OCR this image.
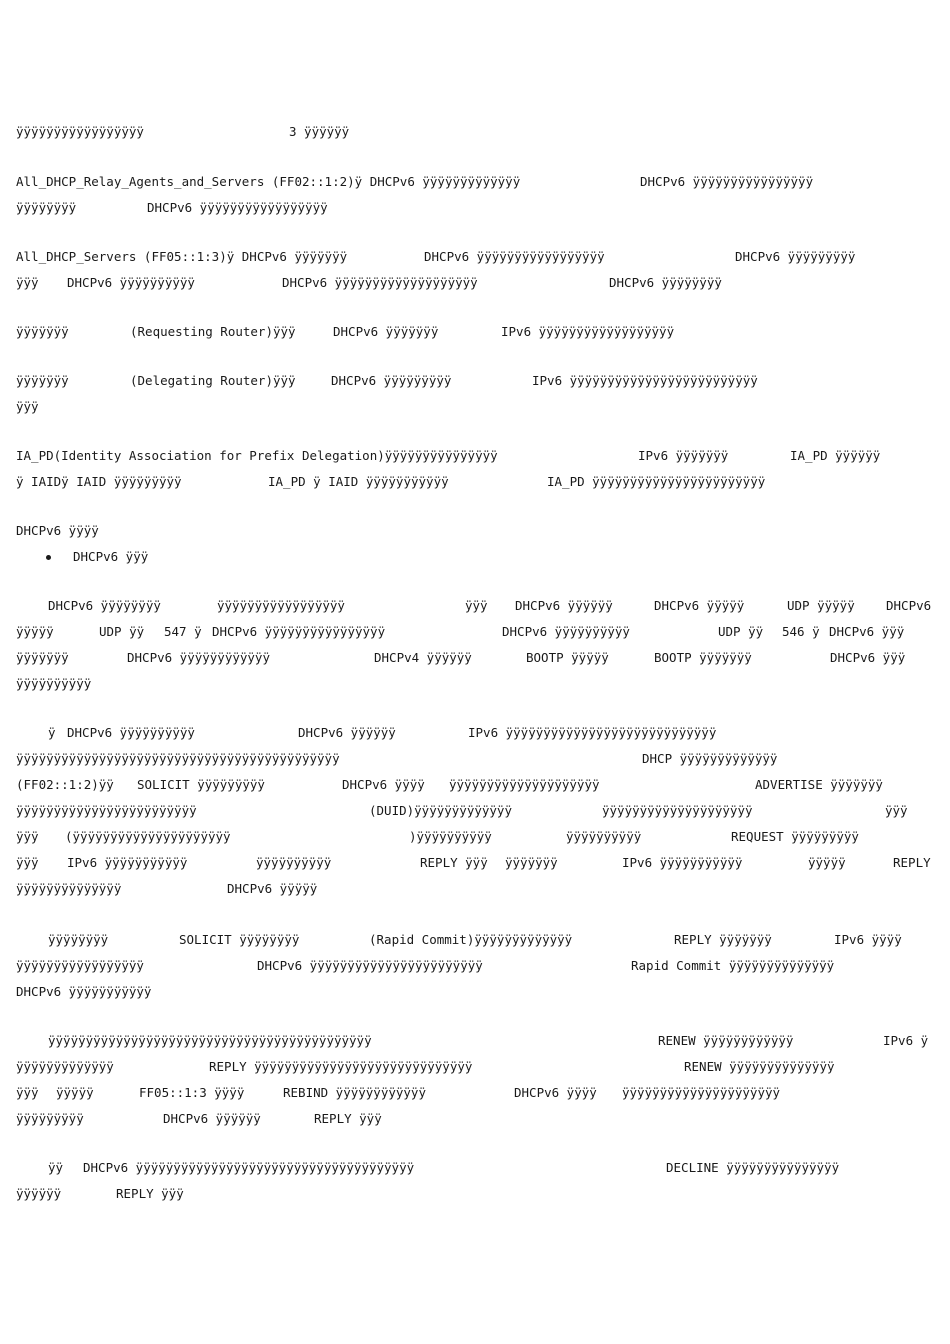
ÿÿÿÿÿÿÿÿÿÿÿÿÿÿÿÿÿ

	3 ÿÿÿÿÿÿ

All_DHCP_Relay_Agents_and_Servers (FF02::1:2)ÿ DHCPv6 ÿÿÿÿÿÿÿÿÿÿÿÿÿ

	DHCPv6 ÿÿÿÿÿÿÿÿÿÿÿÿÿÿÿÿ

ÿÿÿÿÿÿÿÿ

	DHCPv6 ÿÿÿÿÿÿÿÿÿÿÿÿÿÿÿÿÿ

All_DHCP_Servers (FF05::1:3)ÿ DHCPv6 ÿÿÿÿÿÿÿ

	DHCPv6 ÿÿÿÿÿÿÿÿÿÿÿÿÿÿÿÿÿ

	DHCPv6 ÿÿÿÿÿÿÿÿÿ

ÿÿÿ

DHCPv6 ÿÿÿÿÿÿÿÿÿÿ

	DHCPv6 ÿÿÿÿÿÿÿÿÿÿÿÿÿÿÿÿÿÿÿ

	DHCPv6 ÿÿÿÿÿÿÿÿ

ÿÿÿÿÿÿÿ

	(Requesting Router)ÿÿÿ

	DHCPv6 ÿÿÿÿÿÿÿ

	IPv6 ÿÿÿÿÿÿÿÿÿÿÿÿÿÿÿÿÿÿ

ÿÿÿÿÿÿÿ

	(Delegating Router)ÿÿÿ

	DHCPv6 ÿÿÿÿÿÿÿÿÿ

	IPv6 ÿÿÿÿÿÿÿÿÿÿÿÿÿÿÿÿÿÿÿÿÿÿÿÿÿ

ÿÿÿ

IA_PD(Identity Association for Prefix Delegation)ÿÿÿÿÿÿÿÿÿÿÿÿÿÿÿ

	IPv6 ÿÿÿÿÿÿÿ

	IA_PD ÿÿÿÿÿÿ

ÿ IAIDÿ IAID ÿÿÿÿÿÿÿÿÿ

	IA_PD ÿ IAID ÿÿÿÿÿÿÿÿÿÿÿ

	IA_PD ÿÿÿÿÿÿÿÿÿÿÿÿÿÿÿÿÿÿÿÿÿÿÿ

DHCPv6 ÿÿÿÿ

DHCPv6 ÿÿÿ

DHCPv6 ÿÿÿÿÿÿÿÿ

	ÿÿÿÿÿÿÿÿÿÿÿÿÿÿÿÿÿ

	ÿÿÿ

DHCPv6 ÿÿÿÿÿÿ

	DHCPv6 ÿÿÿÿÿ

	UDP ÿÿÿÿÿ

	DHCPv6

ÿÿÿÿÿ

	UDP ÿÿ

547 ÿ

DHCPv6 ÿÿÿÿÿÿÿÿÿÿÿÿÿÿÿÿ

	DHCPv6 ÿÿÿÿÿÿÿÿÿÿ

	UDP ÿÿ

546 ÿ

DHCPv6 ÿÿÿ

ÿÿÿÿÿÿÿ

	DHCPv6 ÿÿÿÿÿÿÿÿÿÿÿÿ

	DHCPv4 ÿÿÿÿÿÿ

	BOOTP ÿÿÿÿÿ

	BOOTP ÿÿÿÿÿÿÿ

	DHCPv6 ÿÿÿ

ÿÿÿÿÿÿÿÿÿÿ

ÿ

DHCPv6 ÿÿÿÿÿÿÿÿÿÿ

	DHCPv6 ÿÿÿÿÿÿ

	IPv6 ÿÿÿÿÿÿÿÿÿÿÿÿÿÿÿÿÿÿÿÿÿÿÿÿÿÿÿÿ

ÿÿÿÿÿÿÿÿÿÿÿÿÿÿÿÿÿÿÿÿÿÿÿÿÿÿÿÿÿÿÿÿÿÿÿÿÿÿÿÿÿÿÿ

	DHCP ÿÿÿÿÿÿÿÿÿÿÿÿÿ

(FF02::1:2)ÿÿ

SOLICIT ÿÿÿÿÿÿÿÿÿ

	DHCPv6 ÿÿÿÿ

ÿÿÿÿÿÿÿÿÿÿÿÿÿÿÿÿÿÿÿÿ

	ADVERTISE ÿÿÿÿÿÿÿ

ÿÿÿÿÿÿÿÿÿÿÿÿÿÿÿÿÿÿÿÿÿÿÿÿ

	(DUID)ÿÿÿÿÿÿÿÿÿÿÿÿÿ

	ÿÿÿÿÿÿÿÿÿÿÿÿÿÿÿÿÿÿÿÿ

	ÿÿÿ

ÿÿÿ

(ÿÿÿÿÿÿÿÿÿÿÿÿÿÿÿÿÿÿÿÿÿ

	)ÿÿÿÿÿÿÿÿÿÿ

	ÿÿÿÿÿÿÿÿÿÿ

	REQUEST ÿÿÿÿÿÿÿÿÿ

ÿÿÿ

IPv6 ÿÿÿÿÿÿÿÿÿÿÿ

	ÿÿÿÿÿÿÿÿÿÿ

	REPLY ÿÿÿ

ÿÿÿÿÿÿÿ

	IPv6 ÿÿÿÿÿÿÿÿÿÿÿ

	ÿÿÿÿÿ

	REPLY

ÿÿÿÿÿÿÿÿÿÿÿÿÿÿ

	DHCPv6 ÿÿÿÿÿ

ÿÿÿÿÿÿÿÿ

	SOLICIT ÿÿÿÿÿÿÿÿ

	(Rapid Commit)ÿÿÿÿÿÿÿÿÿÿÿÿÿ

	REPLY ÿÿÿÿÿÿÿ

	IPv6 ÿÿÿÿ

ÿÿÿÿÿÿÿÿÿÿÿÿÿÿÿÿÿ

	DHCPv6 ÿÿÿÿÿÿÿÿÿÿÿÿÿÿÿÿÿÿÿÿÿÿÿ

	Rapid Commit ÿÿÿÿÿÿÿÿÿÿÿÿÿÿ

DHCPv6 ÿÿÿÿÿÿÿÿÿÿÿ

ÿÿÿÿÿÿÿÿÿÿÿÿÿÿÿÿÿÿÿÿÿÿÿÿÿÿÿÿÿÿÿÿÿÿÿÿÿÿÿÿÿÿÿ

	RENEW ÿÿÿÿÿÿÿÿÿÿÿÿ

	IPv6 ÿ

ÿÿÿÿÿÿÿÿÿÿÿÿÿ

	REPLY ÿÿÿÿÿÿÿÿÿÿÿÿÿÿÿÿÿÿÿÿÿÿÿÿÿÿÿÿÿ

	RENEW ÿÿÿÿÿÿÿÿÿÿÿÿÿÿ

ÿÿÿ

ÿÿÿÿÿ

	FF05::1:3 ÿÿÿÿ

	REBIND ÿÿÿÿÿÿÿÿÿÿÿÿ

	DHCPv6 ÿÿÿÿ

ÿÿÿÿÿÿÿÿÿÿÿÿÿÿÿÿÿÿÿÿÿ

ÿÿÿÿÿÿÿÿÿ

	DHCPv6 ÿÿÿÿÿÿ

	REPLY ÿÿÿ

ÿÿ

DHCPv6 ÿÿÿÿÿÿÿÿÿÿÿÿÿÿÿÿÿÿÿÿÿÿÿÿÿÿÿÿÿÿÿÿÿÿÿÿÿ

	DECLINE ÿÿÿÿÿÿÿÿÿÿÿÿÿÿÿ

ÿÿÿÿÿÿ

	REPLY ÿÿÿ
